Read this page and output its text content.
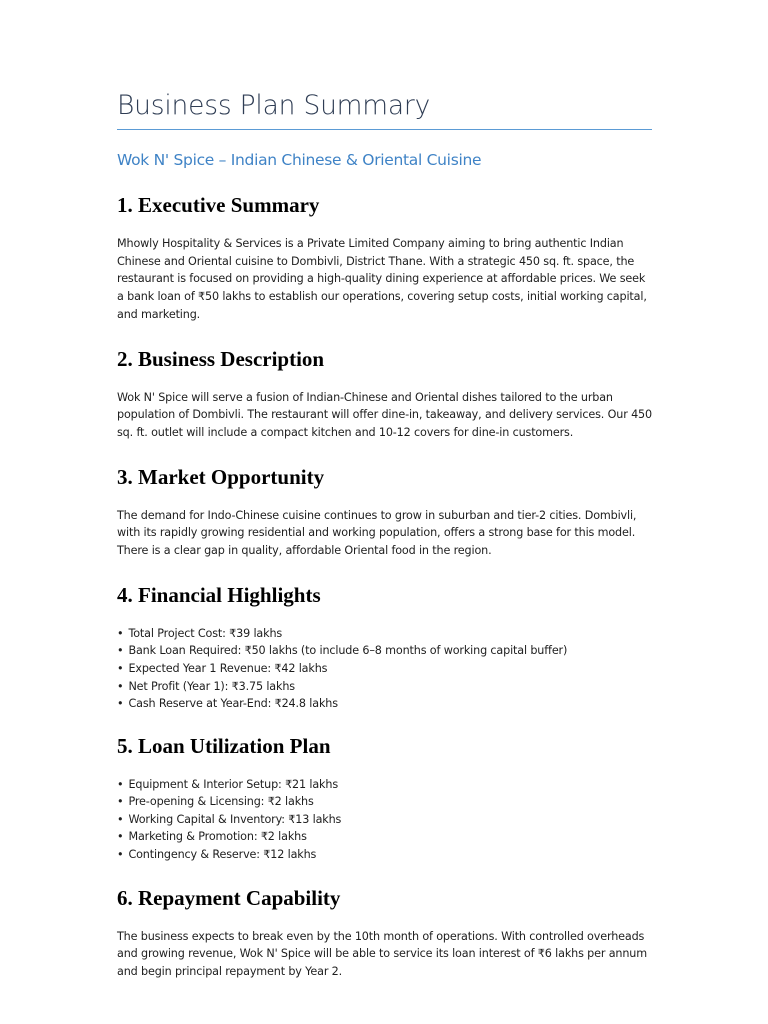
Business Plan Summary
Wok N' Spice – Indian Chinese & Oriental Cuisine
1. Executive Summary

Mhowly Hospitality & Services is a Private Limited Company aiming to bring authentic Indian Chinese and Oriental cuisine to Dombivli, District Thane. With a strategic 450 sq. ft. space, the restaurant is focused on providing a high-quality dining experience at affordable prices. We seek a bank loan of ₹50 lakhs to establish our operations, covering setup costs, initial working capital, and marketing.

2. Business Description

Wok N' Spice will serve a fusion of Indian-Chinese and Oriental dishes tailored to the urban population of Dombivli. The restaurant will offer dine-in, takeaway, and delivery services. Our 450 sq. ft. outlet will include a compact kitchen and 10-12 covers for dine-in customers.

3. Market Opportunity

The demand for Indo-Chinese cuisine continues to grow in suburban and tier-2 cities. Dombivli, with its rapidly growing residential and working population, offers a strong base for this model. There is a clear gap in quality, affordable Oriental food in the region.

4. Financial Highlights
• Total Project Cost: ₹39 lakhs
• Bank Loan Required: ₹50 lakhs (to include 6–8 months of working capital buffer)
• Expected Year 1 Revenue: ₹42 lakhs
• Net Profit (Year 1): ₹3.75 lakhs
• Cash Reserve at Year-End: ₹24.8 lakhs
5. Loan Utilization Plan
• Equipment & Interior Setup: ₹21 lakhs
• Pre-opening & Licensing: ₹2 lakhs
• Working Capital & Inventory: ₹13 lakhs
• Marketing & Promotion: ₹2 lakhs
• Contingency & Reserve: ₹12 lakhs
6. Repayment Capability

The business expects to break even by the 10th month of operations. With controlled overheads and growing revenue, Wok N' Spice will be able to service its loan interest of ₹6 lakhs per annum and begin principal repayment by Year 2.
